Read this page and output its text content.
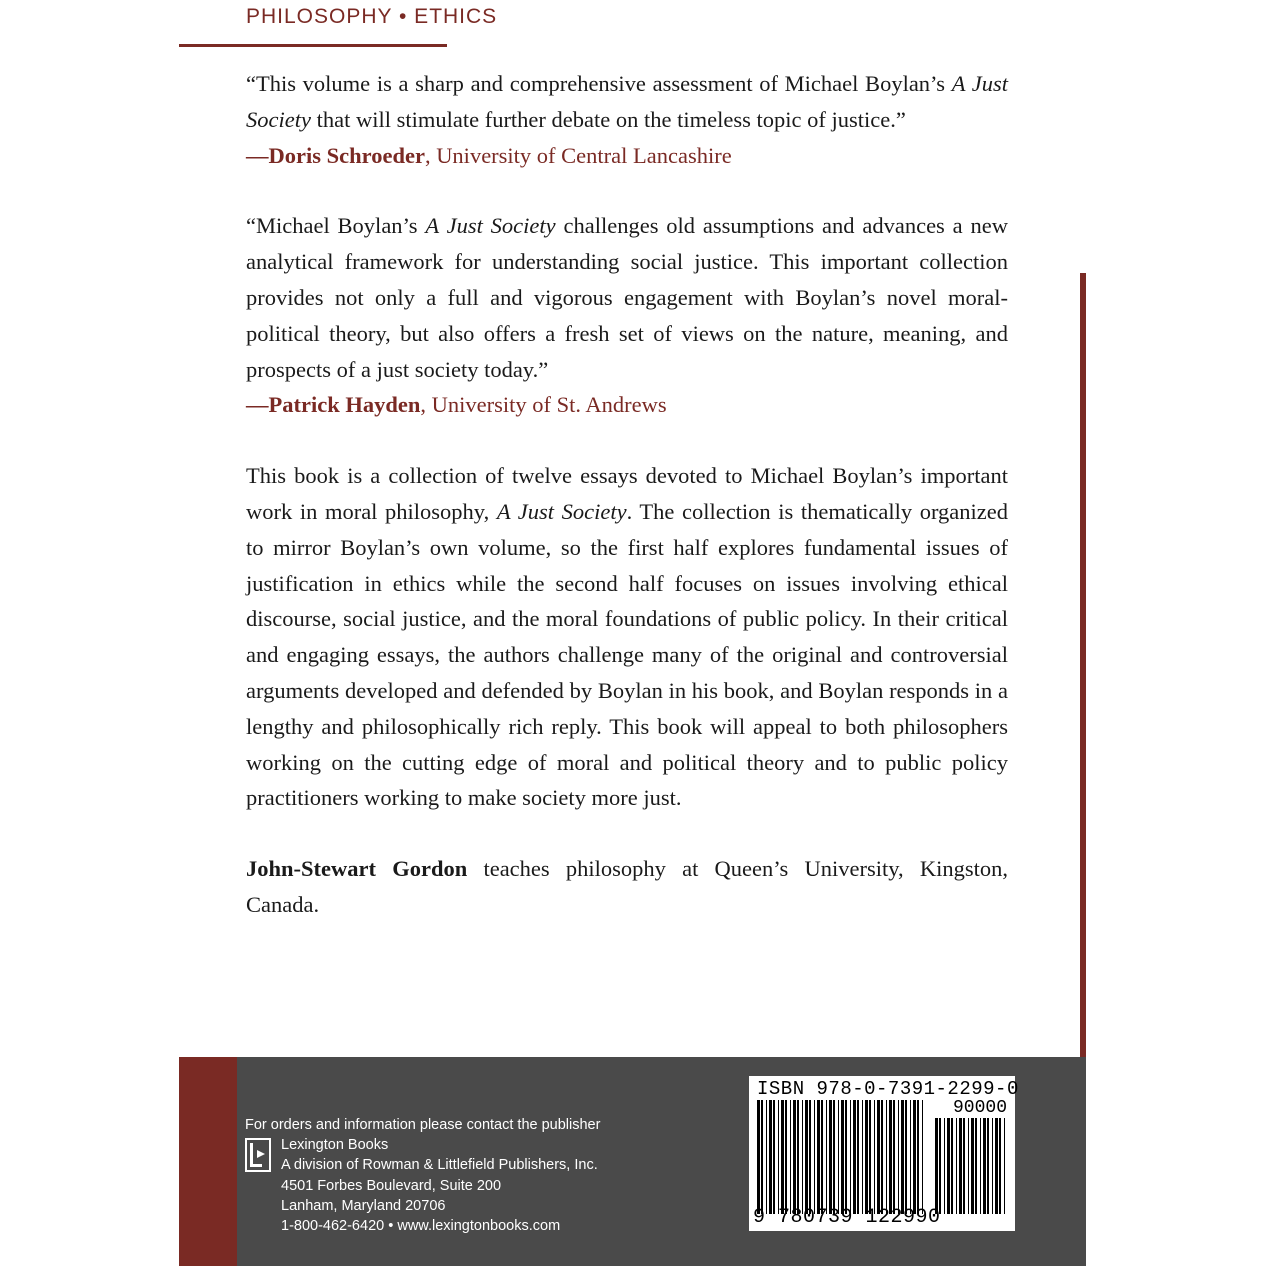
PHILOSOPHY • ETHICS

“This volume is a sharp and comprehensive assessment of Michael Boylan’s A Just Society that will stimulate further debate on the timeless topic of justice.”

—Doris Schroeder, University of Central Lancashire

“Michael Boylan’s A Just Society challenges old assumptions and advances a new analytical framework for understanding social justice. This important collection provides not only a full and vigorous engagement with Boylan’s novel moral-political theory, but also offers a fresh set of views on the nature, meaning, and prospects of a just society today.”

—Patrick Hayden, University of St. Andrews

This book is a collection of twelve essays devoted to Michael Boylan’s important work in moral philosophy, A Just Society. The collection is thematically organized to mirror Boylan’s own volume, so the first half explores fundamental issues of justification in ethics while the second half focuses on issues involving ethical discourse, social justice, and the moral foundations of public policy. In their critical and engaging essays, the authors challenge many of the original and controversial arguments developed and defended by Boylan in his book, and Boylan responds in a lengthy and philosophically rich reply. This book will appeal to both philosophers working on the cutting edge of moral and political theory and to public policy practitioners working to make society more just.

John-Stewart Gordon teaches philosophy at Queen’s University, Kingston, Canada.

For orders and information please contact the publisher
Lexington Books
A division of Rowman & Littlefield Publishers, Inc.
4501 Forbes Boulevard, Suite 200
Lanham, Maryland 20706
1-800-462-6420 • www.lexingtonbooks.com
ISBN 978-0-7391-2299-0
90000
9 780739 122990
